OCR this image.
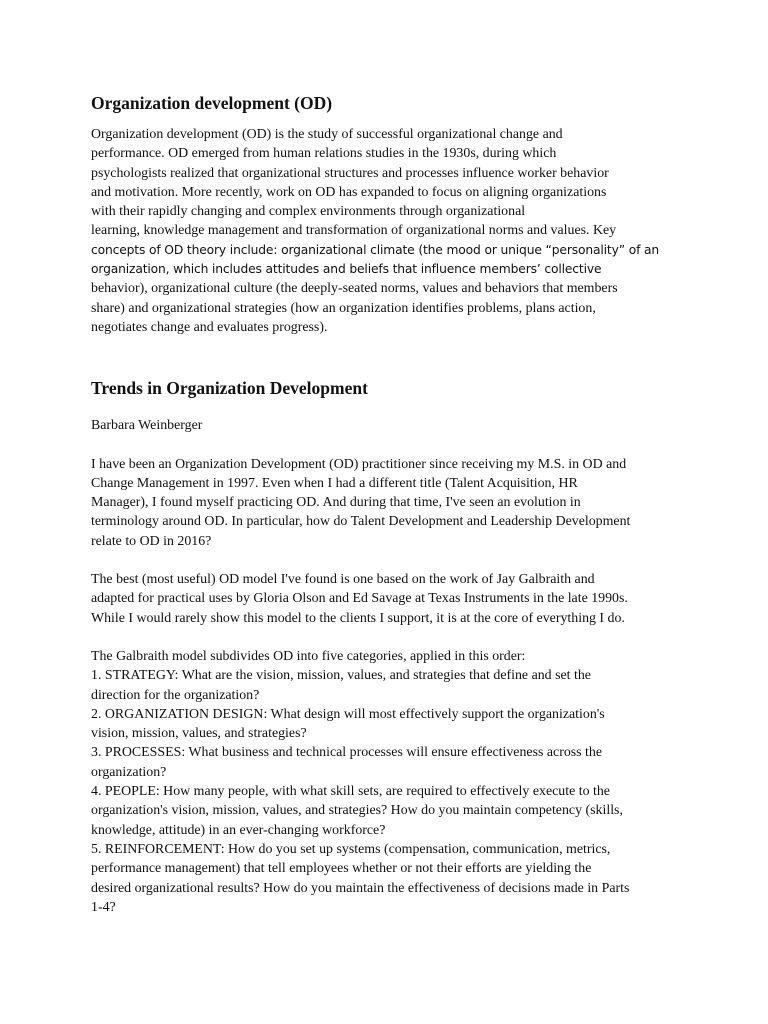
Organization development (OD)

Organization development (OD) is the study of successful organizational change and
performance. OD emerged from human relations studies in the 1930s, during which
psychologists realized that organizational structures and processes influence worker behavior
and motivation. More recently, work on OD has expanded to focus on aligning organizations
with their rapidly changing and complex environments through organizational
learning, knowledge management and transformation of organizational norms and values. Key
concepts of OD theory include: organizational climate (the mood or unique “personality” of an
organization, which includes attitudes and beliefs that influence members’ collective
behavior), organizational culture (the deeply-seated norms, values and behaviors that members
share) and organizational strategies (how an organization identifies problems, plans action,
negotiates change and evaluates progress).

Trends in Organization Development

Barbara Weinberger

I have been an Organization Development (OD) practitioner since receiving my M.S. in OD and
Change Management in 1997. Even when I had a different title (Talent Acquisition, HR
Manager), I found myself practicing OD. And during that time, I've seen an evolution in
terminology around OD. In particular, how do Talent Development and Leadership Development
relate to OD in 2016?

The best (most useful) OD model I've found is one based on the work of Jay Galbraith and
adapted for practical uses by Gloria Olson and Ed Savage at Texas Instruments in the late 1990s.
While I would rarely show this model to the clients I support, it is at the core of everything I do.

The Galbraith model subdivides OD into five categories, applied in this order:
1. STRATEGY: What are the vision, mission, values, and strategies that define and set the
direction for the organization?
2. ORGANIZATION DESIGN: What design will most effectively support the organization's
vision, mission, values, and strategies?
3. PROCESSES: What business and technical processes will ensure effectiveness across the
organization?
4. PEOPLE: How many people, with what skill sets, are required to effectively execute to the
organization's vision, mission, values, and strategies? How do you maintain competency (skills,
knowledge, attitude) in an ever-changing workforce?
5. REINFORCEMENT: How do you set up systems (compensation, communication, metrics,
performance management) that tell employees whether or not their efforts are yielding the
desired organizational results? How do you maintain the effectiveness of decisions made in Parts
1-4?
